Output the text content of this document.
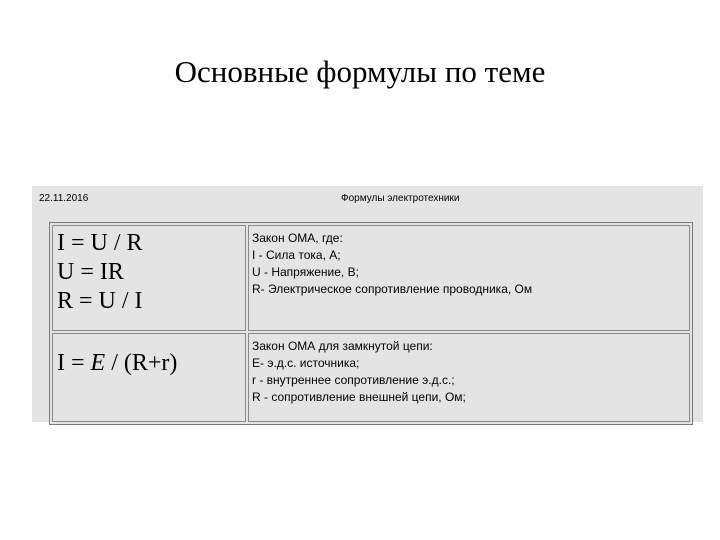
Основные формулы по теме
22.11.2016	Формулы электротехники
I = U / R
U = IR
R = U / I	Закон ОМА, где:
I - Сила тока, А;
U - Напряжение, В;
R- Электрическое сопротивление проводника, Ом

I = E / (R+r)	Закон ОМА для замкнутой цепи:
Е- э.д.с. источника;
r - внутреннее сопротивление э.д.с.;
R - сопротивление внешней цепи, Ом;
